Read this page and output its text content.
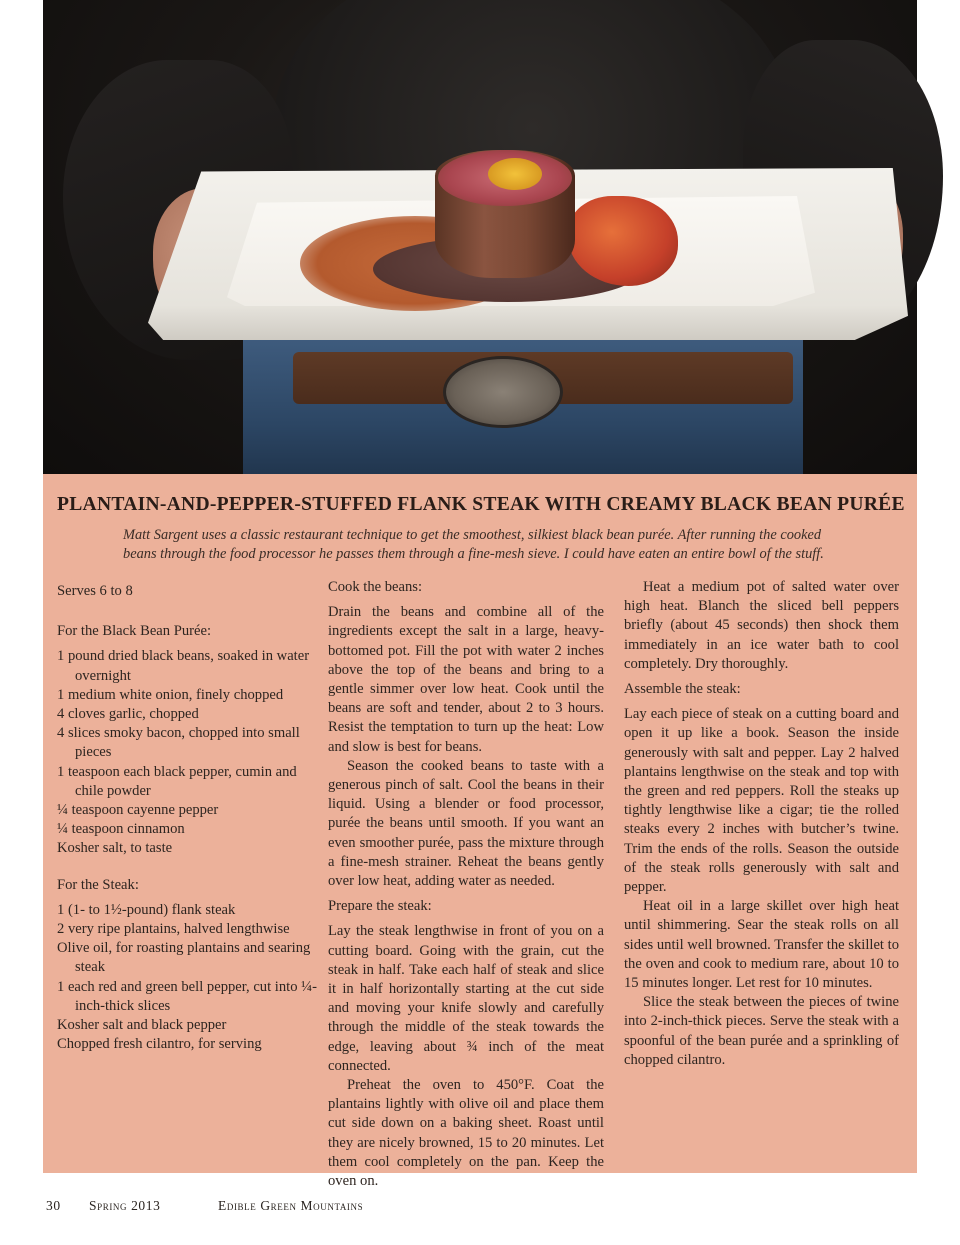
PLANTAIN-AND-PEPPER-STUFFED FLANK STEAK WITH CREAMY BLACK BEAN PURÉE
Matt Sargent uses a classic restaurant technique to get the smoothest, silkiest black bean purée. After running the cooked beans through the food processor he passes them through a fine-mesh sieve. I could have eaten an entire bowl of the stuff.

Serves 6 to 8

For the Black Bean Purée:

1 pound dried black beans, soaked in water overnight

1 medium white onion, finely chopped

4 cloves garlic, chopped

4 slices smoky bacon, chopped into small pieces

1 teaspoon each black pepper, cumin and chile powder

¼ teaspoon cayenne pepper

¼ teaspoon cinnamon

Kosher salt, to taste

For the Steak:

1 (1- to 1½-pound) flank steak

2 very ripe plantains, halved lengthwise

Olive oil, for roasting plantains and searing steak

1 each red and green bell pepper, cut into ¼-inch-thick slices

Kosher salt and black pepper

Chopped fresh cilantro, for serving

Cook the beans:

Drain the beans and combine all of the ingredients except the salt in a large, heavy-bottomed pot. Fill the pot with water 2 inches above the top of the beans and bring to a gentle simmer over low heat. Cook until the beans are soft and tender, about 2 to 3 hours. Resist the temptation to turn up the heat: Low and slow is best for beans.

Season the cooked beans to taste with a generous pinch of salt. Cool the beans in their liquid. Using a blender or food processor, purée the beans until smooth. If you want an even smoother purée, pass the mixture through a fine-mesh strainer. Reheat the beans gently over low heat, adding water as needed.

Prepare the steak:

Lay the steak lengthwise in front of you on a cutting board. Going with the grain, cut the steak in half. Take each half of steak and slice it in half horizontally starting at the cut side and moving your knife slowly and carefully through the middle of the steak towards the edge, leaving about ¾ inch of the meat connected.

Preheat the oven to 450°F. Coat the plantains lightly with olive oil and place them cut side down on a baking sheet. Roast until they are nicely browned, 15 to 20 minutes. Let them cool completely on the pan. Keep the oven on.

Heat a medium pot of salted water over high heat. Blanch the sliced bell peppers briefly (about 45 seconds) then shock them immediately in an ice water bath to cool completely. Dry thoroughly.

Assemble the steak:

Lay each piece of steak on a cutting board and open it up like a book. Season the inside generously with salt and pepper. Lay 2 halved plantains lengthwise on the steak and top with the green and red peppers. Roll the steaks up tightly lengthwise like a cigar; tie the rolled steaks every 2 inches with butcher’s twine. Trim the ends of the rolls. Season the outside of the steak rolls generously with salt and pepper.

Heat oil in a large skillet over high heat until shimmering. Sear the steak rolls on all sides until well browned. Transfer the skillet to the oven and cook to medium rare, about 10 to 15 minutes longer. Let rest for 10 minutes.

Slice the steak between the pieces of twine into 2-inch-thick pieces. Serve the steak with a spoonful of the bean purée and a sprinkling of chopped cilantro.

30 Spring 2013	Edible Green Mountains
